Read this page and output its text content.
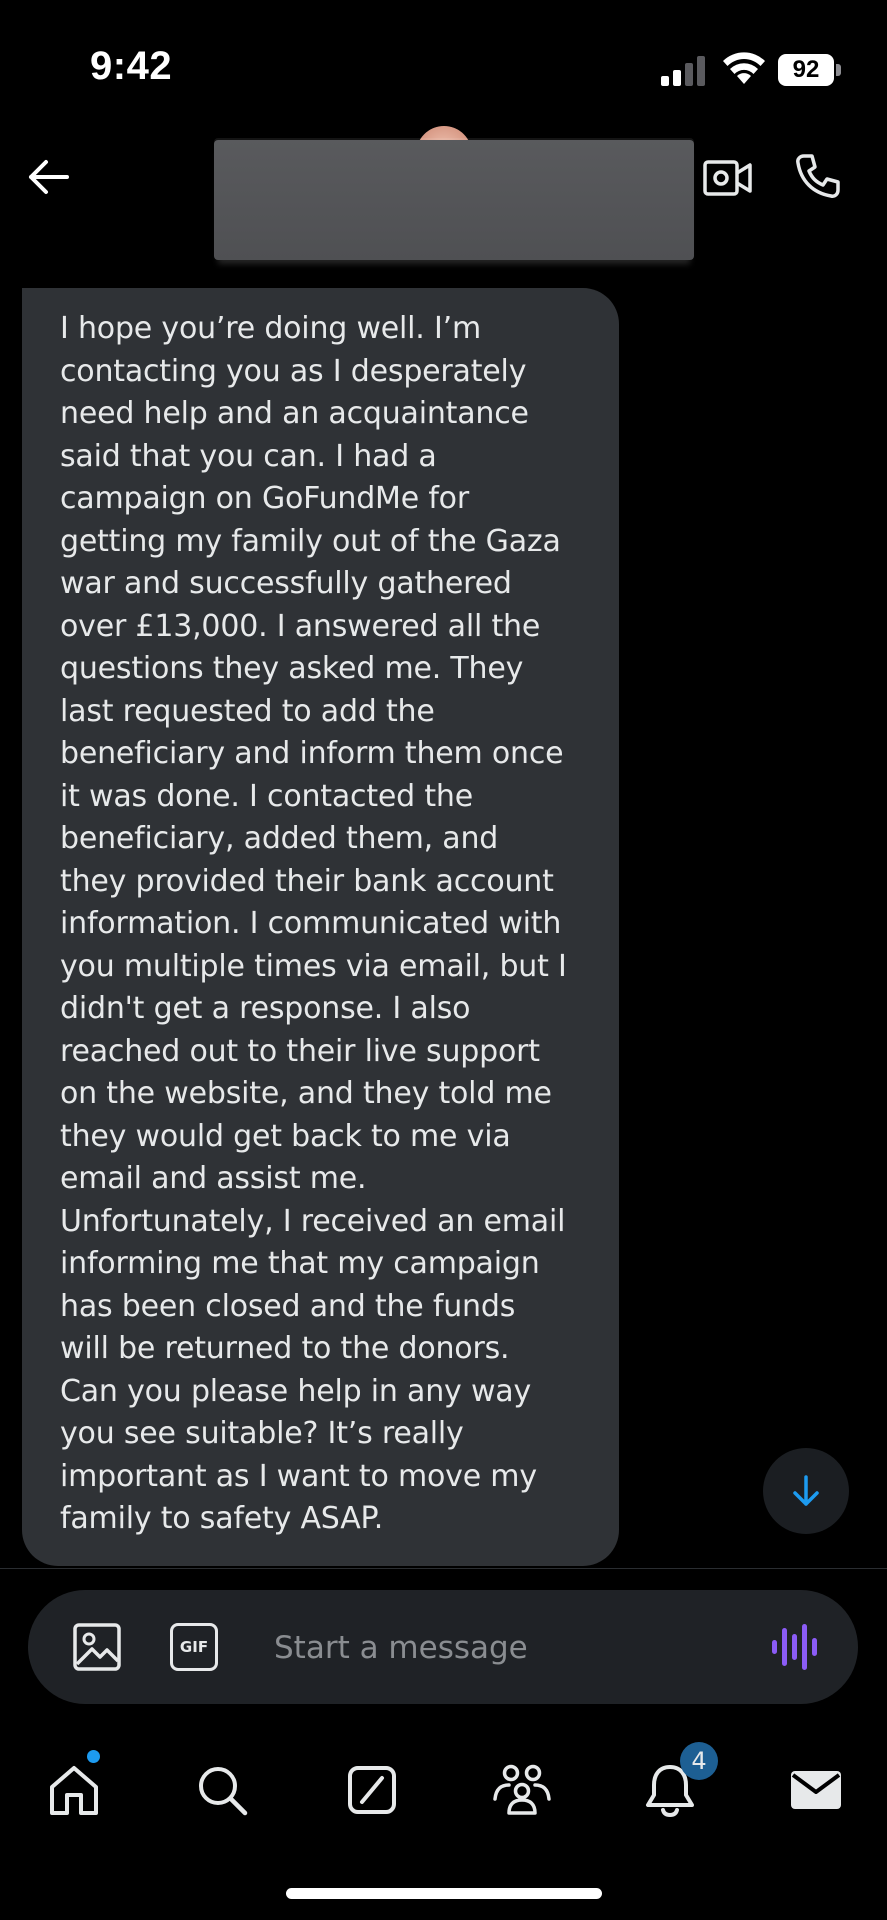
9:42	92
I hope you’re doing well. I’m
contacting you as I desperately
need help and an acquaintance
said that you can. I had a
campaign on GoFundMe for
getting my family out of the Gaza
war and successfully gathered
over £13,000. I answered all the
questions they asked me. They
last requested to add the
beneficiary and inform them once
it was done. I contacted the
beneficiary, added them, and
they provided their bank account
information. I communicated with
you multiple times via email, but I
didn't get a response. I also
reached out to their live support
on the website, and they told me
they would get back to me via
email and assist me.
Unfortunately, I received an email
informing me that my campaign
has been closed and the funds
will be returned to the donors.
Can you please help in any way
you see suitable? It’s really
important as I want to move my
family to safety ASAP.
GIF
Start a message
4
